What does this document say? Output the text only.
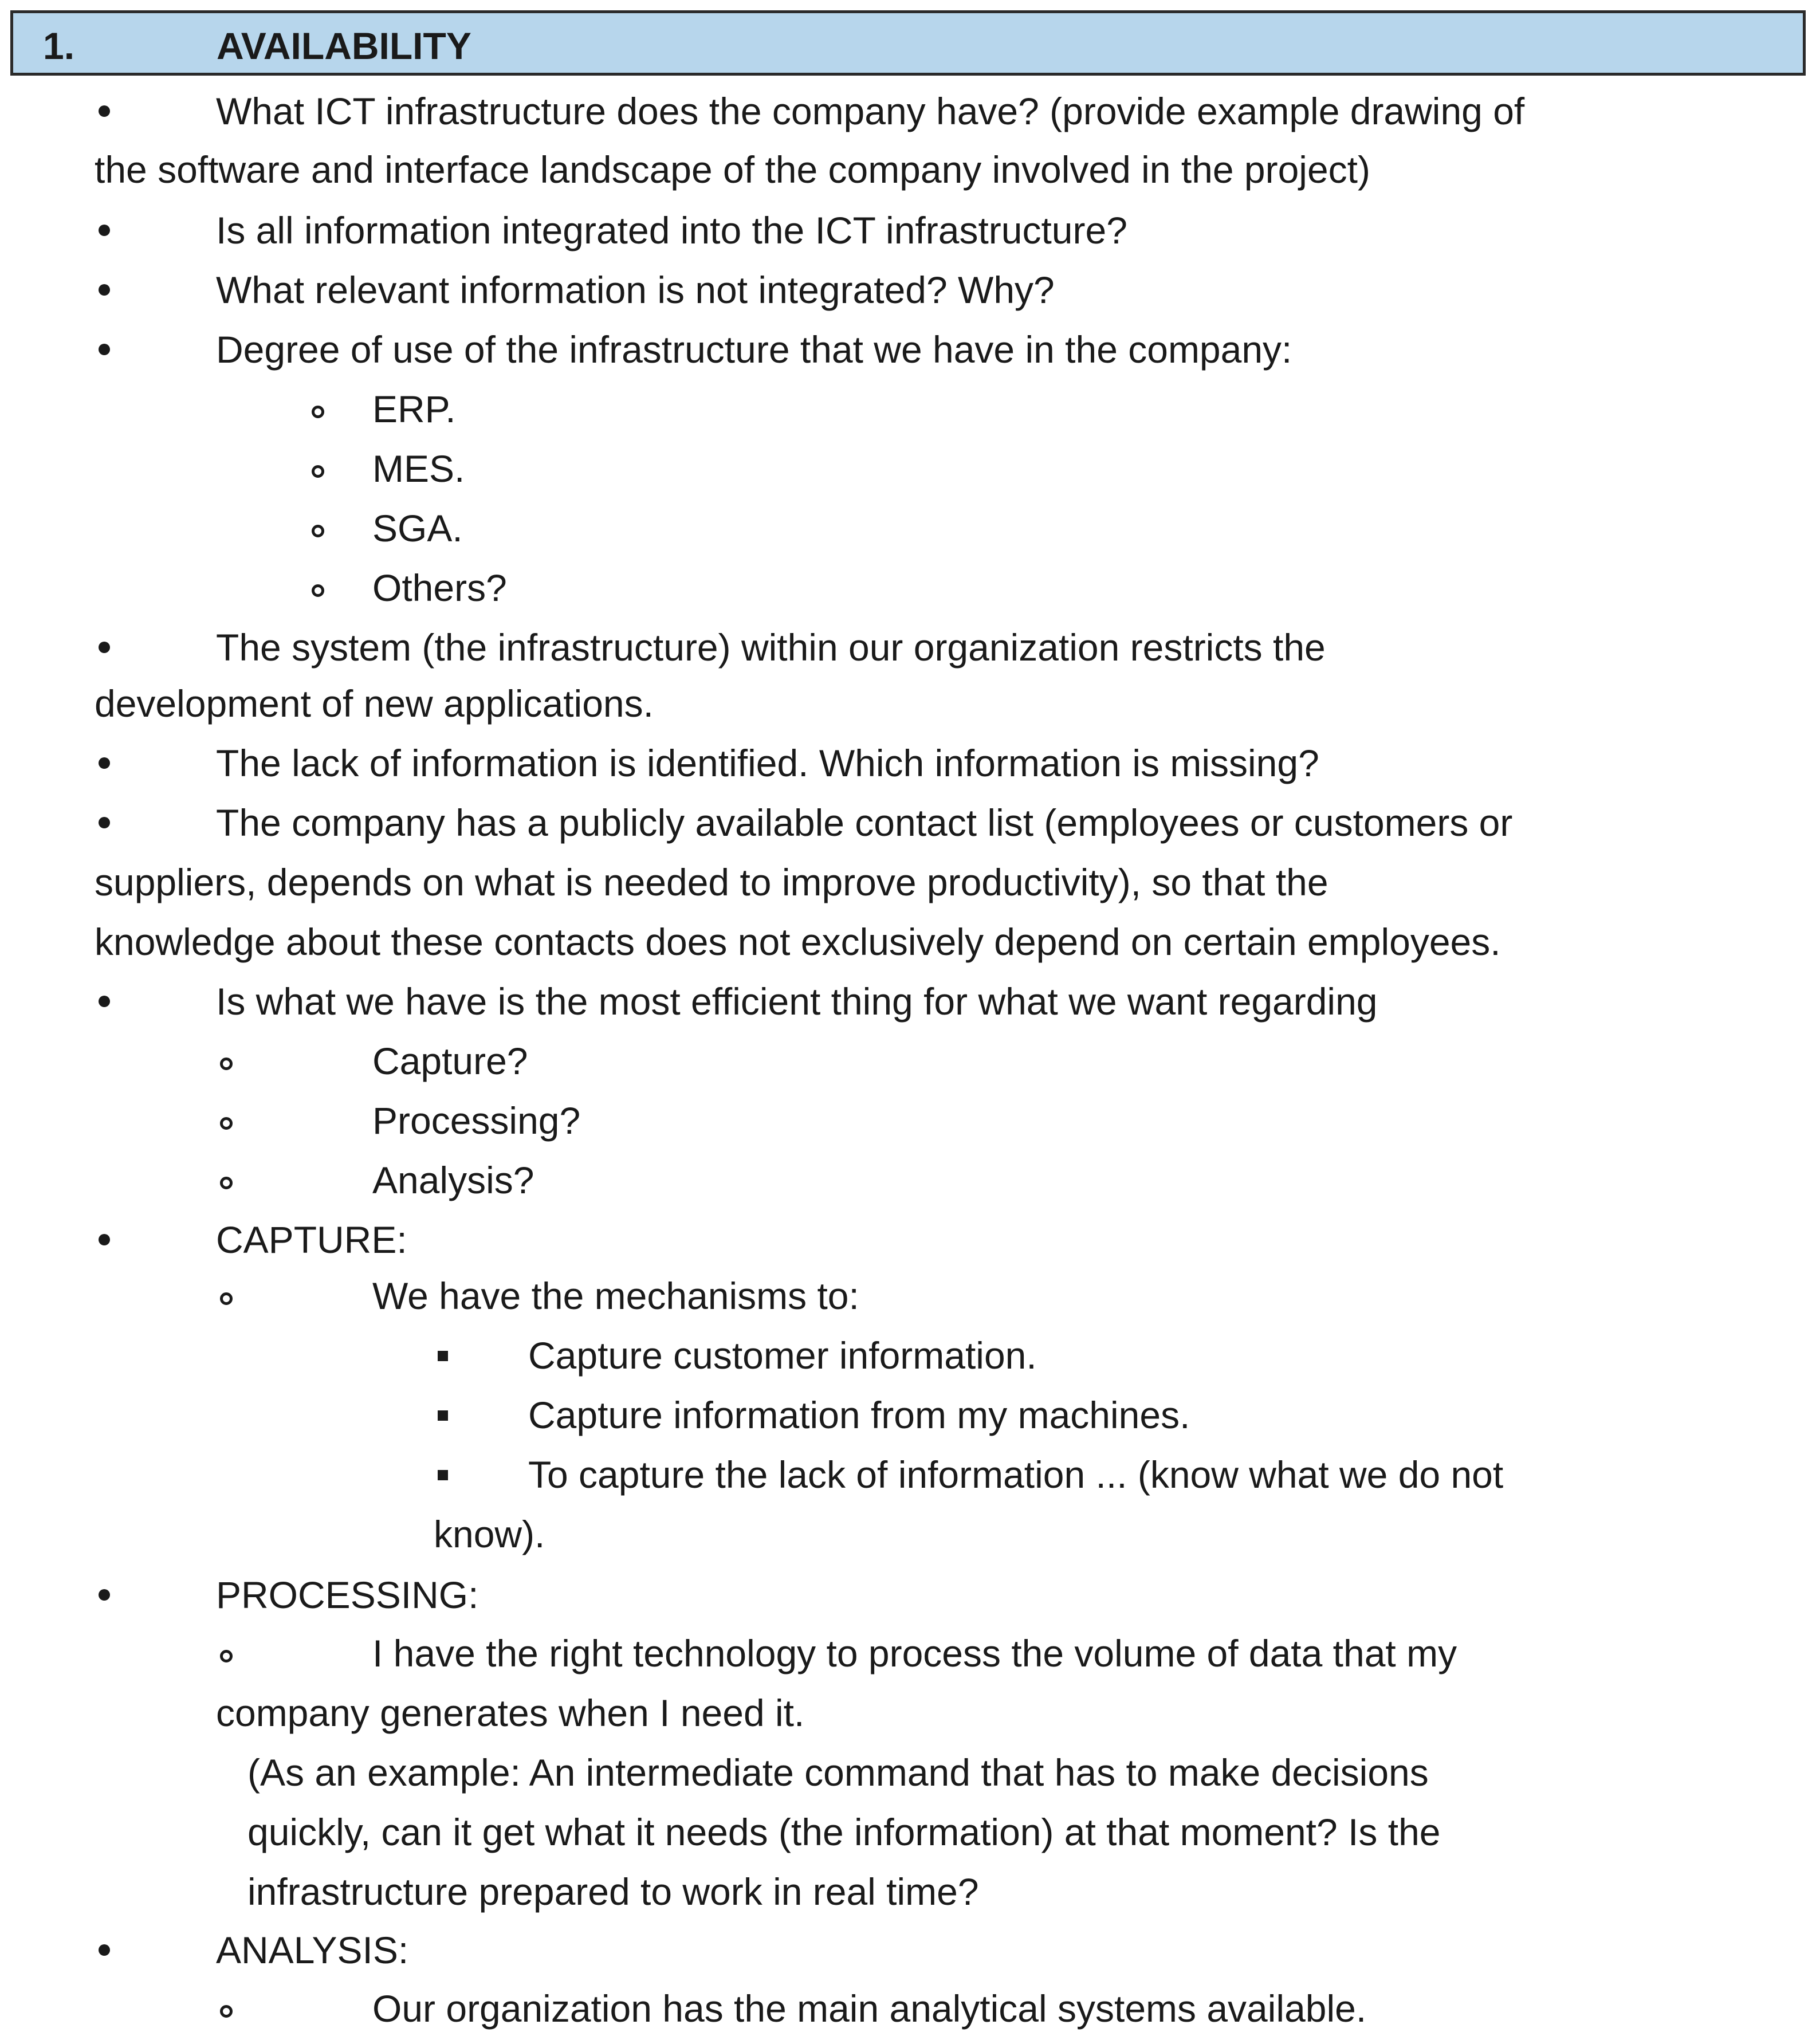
1.	AVAILABILITY
What ICT infrastructure does the company have? (provide example drawing of
the software and interface landscape of the company involved in the project)
Is all information integrated into the ICT infrastructure?
What relevant information is not integrated? Why?
Degree of use of the infrastructure that we have in the company:
ERP.
MES.
SGA.
Others?
The system (the infrastructure) within our organization restricts the
development of new applications.
The lack of information is identified. Which information is missing?
The company has a publicly available contact list (employees or customers or
suppliers, depends on what is needed to improve productivity), so that the
knowledge about these contacts does not exclusively depend on certain employees.
Is what we have is the most efficient thing for what we want regarding
Capture?
Processing?
Analysis?
CAPTURE:
We have the mechanisms to:
Capture customer information.
Capture information from my machines.
To capture the lack of information ... (know what we do not
know).
PROCESSING:
I have the right technology to process the volume of data that my
company generates when I need it.
(As an example: An intermediate command that has to make decisions
quickly, can it get what it needs (the information) at that moment? Is the
infrastructure prepared to work in real time?
ANALYSIS:
Our organization has the main analytical systems available.
